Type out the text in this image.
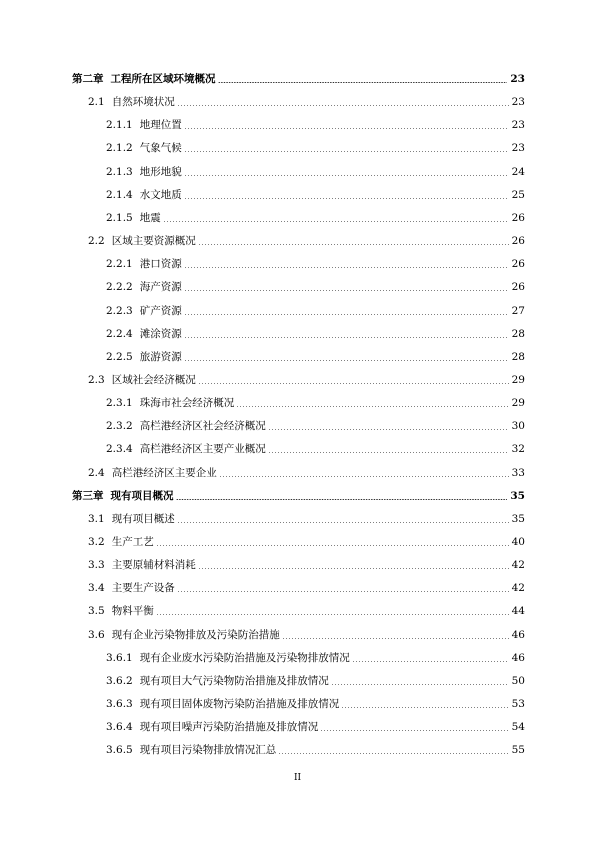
第二章 工程所在区域环境概况	23
2.1 自然环境状况	23
2.1.1 地理位置	23
2.1.2 气象气候	23
2.1.3 地形地貌	24
2.1.4 水文地质	25
2.1.5 地震	26
2.2 区域主要资源概况	26
2.2.1 港口资源	26
2.2.2 海产资源	26
2.2.3 矿产资源	27
2.2.4 滩涂资源	28
2.2.5 旅游资源	28
2.3 区域社会经济概况	29
2.3.1 珠海市社会经济概况	29
2.3.2 高栏港经济区社会经济概况	30
2.3.4 高栏港经济区主要产业概况	32
2.4 高栏港经济区主要企业	33
第三章 现有项目概况	35
3.1 现有项目概述	35
3.2 生产工艺	40
3.3 主要原辅材料消耗	42
3.4 主要生产设备	42
3.5 物料平衡	44
3.6 现有企业污染物排放及污染防治措施	46
3.6.1 现有企业废水污染防治措施及污染物排放情况	46
3.6.2 现有项目大气污染物防治措施及排放情况	50
3.6.3 现有项目固体废物污染防治措施及排放情况	53
3.6.4 现有项目噪声污染防治措施及排放情况	54
3.6.5 现有项目污染物排放情况汇总	55
II
